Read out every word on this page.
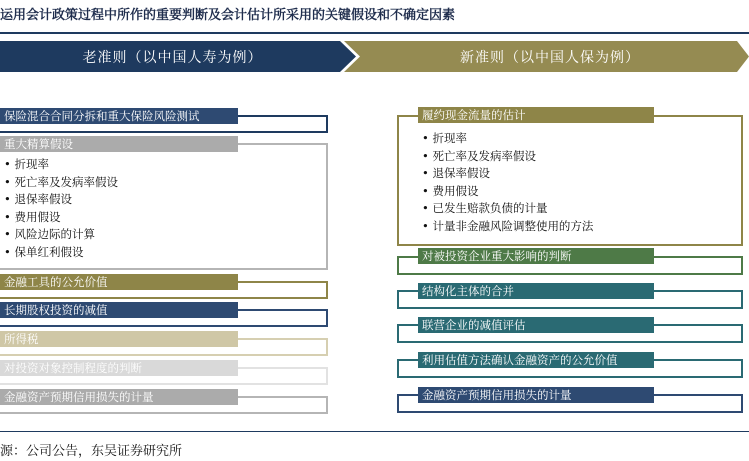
运用会计政策过程中所作的重要判断及会计估计所采用的关键假设和不确定因素
老准则（以中国人寿为例）	新准则（以中国人保为例）
保险混合合同分拆和重大保险风险测试
重大精算假设
• 折现率
• 死亡率及发病率假设
• 退保率假设
• 费用假设
• 风险边际的计算
• 保单红利假设
金融工具的公允价值
长期股权投资的减值
所得税
对投资对象控制程度的判断
金融资产预期信用损失的计量
履约现金流量的估计
• 折现率
• 死亡率及发病率假设
• 退保率假设
• 费用假设
• 已发生赔款负债的计量
• 计量非金融风险调整使用的方法
对被投资企业重大影响的判断
结构化主体的合并
联营企业的减值评估
利用估值方法确认金融资产的公允价值
金融资产预期信用损失的计量
源：公司公告，东吴证券研究所
